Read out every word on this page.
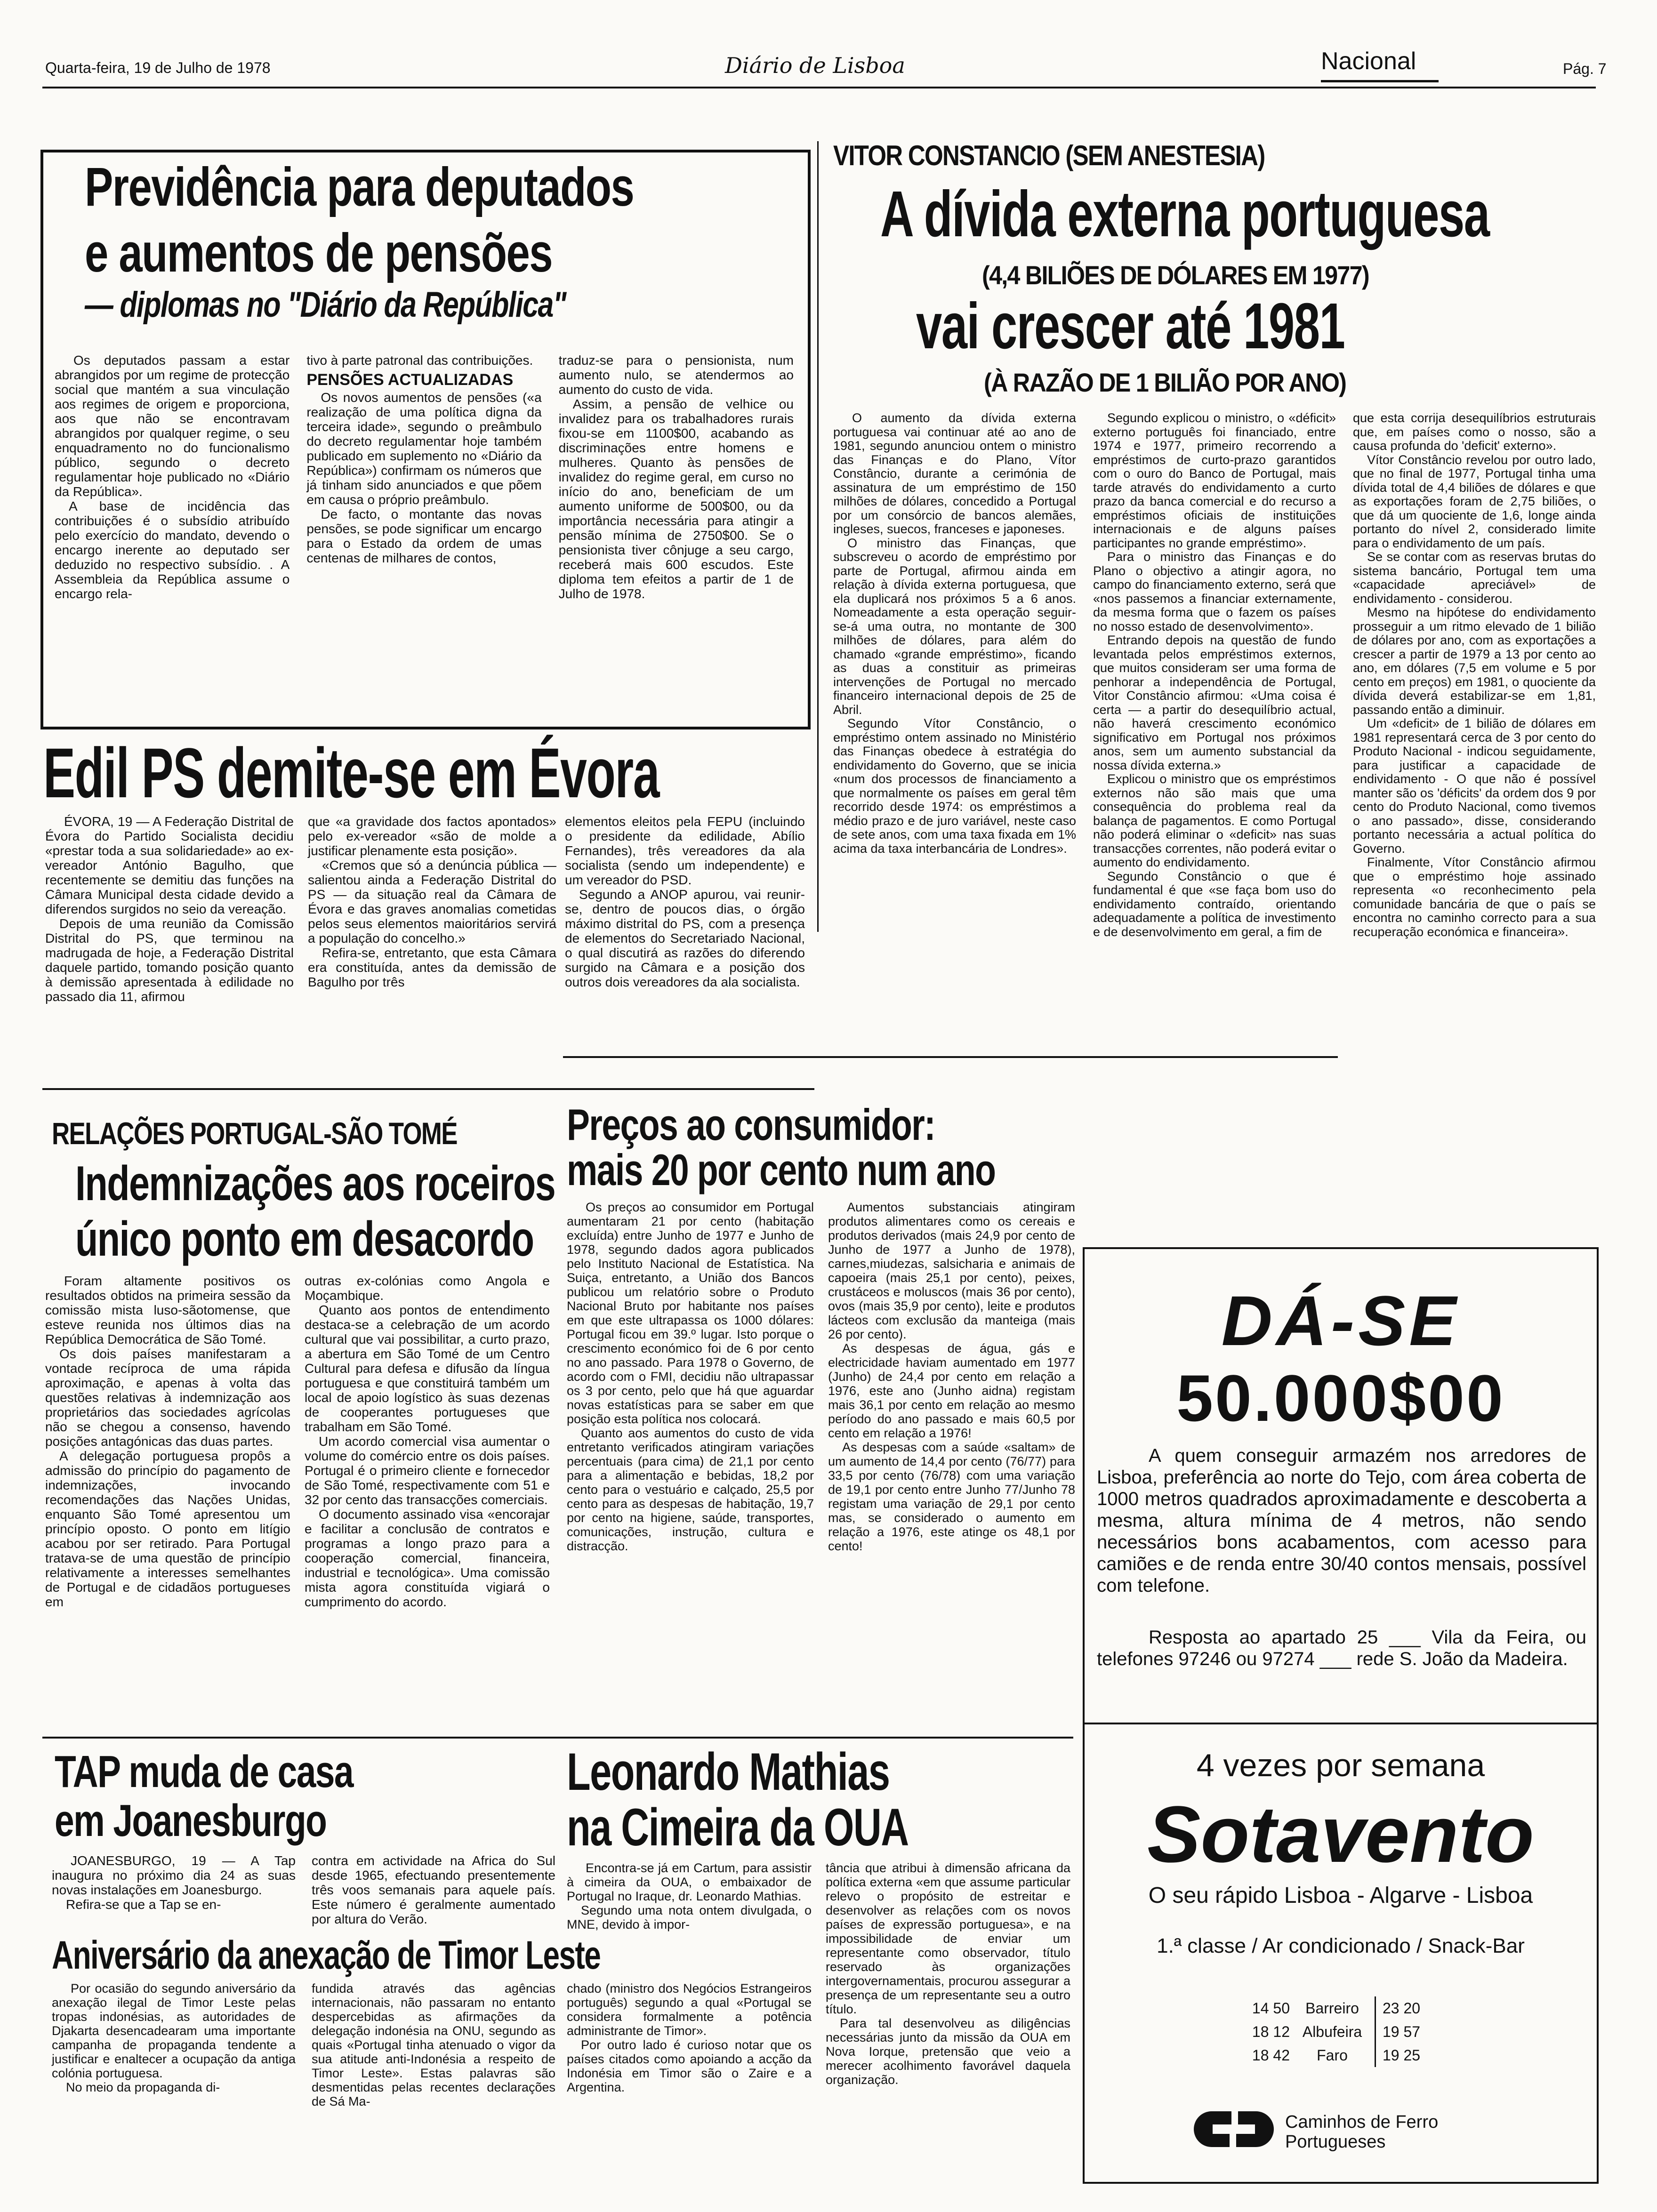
Quarta-feira, 19 de Julho de 1978	Diário de Lisboa	Nacional	Pág. 7
Previdência para deputados
e aumentos de pensões
— diplomas no "Diário da República"

Os deputados passam a estar abrangidos por um regime de protecção social que mantém a sua vinculação aos regimes de origem e proporciona, aos que não se encontravam abrangidos por qualquer regime, o seu enquadramento no do funcionalismo público, segundo o decreto regulamentar hoje publicado no «Diário da República».

A base de incidência das contribuições é o subsídio atribuído pelo exercício do mandato, devendo o encargo inerente ao deputado ser deduzido no respectivo subsídio. . A Assembleia da República assume o encargo rela-

tivo à parte patronal das contribuições.

PENSÕES ACTUALIZADAS

Os novos aumentos de pensões («a realização de uma política digna da terceira idade», segundo o preâmbulo do decreto regulamentar hoje também publicado em suplemento no «Diário da República») confirmam os números que já tinham sido anunciados e que põem em causa o próprio preâmbulo.

De facto, o montante das novas pensões, se pode significar um encargo para o Estado da ordem de umas centenas de milhares de contos,

traduz-se para o pensionista, num aumento nulo, se atendermos ao aumento do custo de vida.

Assim, a pensão de velhice ou invalidez para os trabalhadores rurais fixou-se em 1100$00, acabando as discriminações entre homens e mulheres. Quanto às pensões de invalidez do regime geral, em curso no início do ano, beneficiam de um aumento uniforme de 500$00, ou da importância necessária para atingir a pensão mínima de 2750$00. Se o pensionista tiver cônjuge a seu cargo, receberá mais 600 escudos. Este diploma tem efeitos a partir de 1 de Julho de 1978.

VITOR CONSTANCIO (SEM ANESTESIA)
A dívida externa portuguesa
(4,4 BILIÕES DE DÓLARES EM 1977)
vai crescer até 1981
(À RAZÃO DE 1 BILIÃO POR ANO)

O aumento da dívida externa portuguesa vai continuar até ao ano de 1981, segundo anunciou ontem o ministro das Finanças e do Plano, Vítor Constâncio, durante a cerimónia de assinatura de um empréstimo de 150 milhões de dólares, concedido a Portugal por um consórcio de bancos alemães, ingleses, suecos, franceses e japoneses.

O ministro das Finanças, que subscreveu o acordo de empréstimo por parte de Portugal, afirmou ainda em relação à dívida externa portuguesa, que ela duplicará nos próximos 5 a 6 anos. Nomeadamente a esta operação seguir-se-á uma outra, no montante de 300 milhões de dólares, para além do chamado «grande empréstimo», ficando as duas a constituir as primeiras intervenções de Portugal no mercado financeiro internacional depois de 25 de Abril.

Segundo Vítor Constâncio, o empréstimo ontem assinado no Ministério das Finanças obedece à estratégia do endividamento do Governo, que se inicia «num dos processos de financiamento a que normalmente os países em geral têm recorrido desde 1974: os empréstimos a médio prazo e de juro variável, neste caso de sete anos, com uma taxa fixada em 1% acima da taxa interbancária de Londres».

Segundo explicou o ministro, o «déficit» externo português foi financiado, entre 1974 e 1977, primeiro recorrendo a empréstimos de curto-prazo garantidos com o ouro do Banco de Portugal, mais tarde através do endividamento a curto prazo da banca comercial e do recurso a empréstimos oficiais de instituições internacionais e de alguns países participantes no grande empréstimo».

Para o ministro das Finanças e do Plano o objectivo a atingir agora, no campo do financiamento externo, será que «nos passemos a financiar externamente, da mesma forma que o fazem os países no nosso estado de desenvolvimento».

Entrando depois na questão de fundo levantada pelos empréstimos externos, que muitos consideram ser uma forma de penhorar a independência de Portugal, Vitor Constâncio afirmou: «Uma coisa é certa — a partir do desequilíbrio actual, não haverá crescimento económico significativo em Portugal nos próximos anos, sem um aumento substancial da nossa dívida externa.»

Explicou o ministro que os empréstimos externos não são mais que uma consequência do problema real da balança de pagamentos. E como Portugal não poderá eliminar o «deficit» nas suas transacções correntes, não poderá evitar o aumento do endividamento.

Segundo Constâncio o que é fundamental é que «se faça bom uso do endividamento contraído, orientando adequadamente a política de investimento e de desenvolvimento em geral, a fim de

que esta corrija desequilíbrios estruturais que, em países como o nosso, são a causa profunda do 'deficit' externo».

Vítor Constâncio revelou por outro lado, que no final de 1977, Portugal tinha uma dívida total de 4,4 biliões de dólares e que as exportações foram de 2,75 biliões, o que dá um quociente de 1,6, longe ainda portanto do nível 2, considerado limite para o endividamento de um país.

Se se contar com as reservas brutas do sistema bancário, Portugal tem uma «capacidade apreciável» de endividamento - considerou.

Mesmo na hipótese do endividamento prosseguir a um ritmo elevado de 1 bilião de dólares por ano, com as exportações a crescer a partir de 1979 a 13 por cento ao ano, em dólares (7,5 em volume e 5 por cento em preços) em 1981, o quociente da dívida deverá estabilizar-se em 1,81, passando então a diminuir.

Um «deficit» de 1 bilião de dólares em 1981 representará cerca de 3 por cento do Produto Nacional - indicou seguidamente, para justificar a capacidade de endividamento - O que não é possível manter são os 'déficits' da ordem dos 9 por cento do Produto Nacional, como tivemos o ano passado», disse, considerando portanto necessária a actual política do Governo.

Finalmente, Vítor Constâncio afirmou que o empréstimo hoje assinado representa «o reconhecimento pela comunidade bancária de que o país se encontra no caminho correcto para a sua recuperação económica e financeira».

Edil PS demite-se em Évora

ÉVORA, 19 — A Federação Distrital de Évora do Partido Socialista decidiu «prestar toda a sua solidariedade» ao ex-vereador António Bagulho, que recentemente se demitiu das funções na Câmara Municipal desta cidade devido a diferendos surgidos no seio da vereação.

Depois de uma reunião da Comissão Distrital do PS, que terminou na madrugada de hoje, a Federação Distrital daquele partido, tomando posição quanto à demissão apresentada à edilidade no passado dia 11, afirmou

que «a gravidade dos factos apontados» pelo ex-vereador «são de molde a justificar plenamente esta posição».

«Cremos que só a denúncia pública — salientou ainda a Federação Distrital do PS — da situação real da Câmara de Évora e das graves anomalias cometidas pelos seus elementos maioritários servirá a população do concelho.»

Refira-se, entretanto, que esta Câmara era constituída, antes da demissão de Bagulho por três

elementos eleitos pela FEPU (incluindo o presidente da edilidade, Abílio Fernandes), três vereadores da ala socialista (sendo um independente) e um vereador do PSD.

Segundo a ANOP apurou, vai reunir-se, dentro de poucos dias, o órgão máximo distrital do PS, com a presença de elementos do Secretariado Nacional, o qual discutirá as razões do diferendo surgido na Câmara e a posição dos outros dois vereadores da ala socialista.

RELAÇÕES PORTUGAL-SÃO TOMÉ
Indemnizações aos roceiros
único ponto em desacordo

Foram altamente positivos os resultados obtidos na primeira sessão da comissão mista luso-sãotomense, que esteve reunida nos últimos dias na República Democrática de São Tomé.

Os dois países manifestaram a vontade recíproca de uma rápida aproximação, e apenas à volta das questões relativas à indemnização aos proprietários das sociedades agrícolas não se chegou a consenso, havendo posições antagónicas das duas partes.

A delegação portuguesa propôs a admissão do princípio do pagamento de indemnizações, invocando recomendações das Nações Unidas, enquanto São Tomé apresentou um princípio oposto. O ponto em litígio acabou por ser retirado. Para Portugal tratava-se de uma questão de princípio relativamente a interesses semelhantes de Portugal e de cidadãos portugueses em

outras ex-colónias como Angola e Moçambique.

Quanto aos pontos de entendimento destaca-se a celebração de um acordo cultural que vai possibilitar, a curto prazo, a abertura em São Tomé de um Centro Cultural para defesa e difusão da língua portuguesa e que constituirá também um local de apoio logístico às suas dezenas de cooperantes portugueses que trabalham em São Tomé.

Um acordo comercial visa aumentar o volume do comércio entre os dois países. Portugal é o primeiro cliente e fornecedor de São Tomé, respectivamente com 51 e 32 por cento das transacções comerciais.

O documento assinado visa «encorajar e facilitar a conclusão de contratos e programas a longo prazo para a cooperação comercial, financeira, industrial e tecnológica». Uma comissão mista agora constituída vigiará o cumprimento do acordo.

Preços ao consumidor:
mais 20 por cento num ano

Os preços ao consumidor em Portugal aumentaram 21 por cento (habitação excluída) entre Junho de 1977 e Junho de 1978, segundo dados agora publicados pelo Instituto Nacional de Estatística. Na Suiça, entretanto, a União dos Bancos publicou um relatório sobre o Produto Nacional Bruto por habitante nos países em que este ultrapassa os 1000 dólares: Portugal ficou em 39.º lugar. Isto porque o crescimento económico foi de 6 por cento no ano passado. Para 1978 o Governo, de acordo com o FMI, decidiu não ultrapassar os 3 por cento, pelo que há que aguardar novas estatísticas para se saber em que posição esta política nos colocará.

Quanto aos aumentos do custo de vida entretanto verificados atingiram variações percentuais (para cima) de 21,1 por cento para a alimentação e bebidas, 18,2 por cento para o vestuário e calçado, 25,5 por cento para as despesas de habitação, 19,7 por cento na higiene, saúde, transportes, comunicações, instrução, cultura e distracção.

Aumentos substanciais atingiram produtos alimentares como os cereais e produtos derivados (mais 24,9 por cento de Junho de 1977 a Junho de 1978), carnes,miudezas, salsicharia e animais de capoeira (mais 25,1 por cento), peixes, crustáceos e moluscos (mais 36 por cento), ovos (mais 35,9 por cento), leite e produtos lácteos com exclusão da manteiga (mais 26 por cento).

As despesas de água, gás e electricidade haviam aumentado em 1977 (Junho) de 24,4 por cento em relação a 1976, este ano (Junho aidna) registam mais 36,1 por cento em relação ao mesmo período do ano passado e mais 60,5 por cento em relação a 1976!

As despesas com a saúde «saltam» de um aumento de 14,4 por cento (76/77) para 33,5 por cento (76/78) com uma variação de 19,1 por cento entre Junho 77/Junho 78 registam uma variação de 29,1 por cento mas, se considerado o aumento em relação a 1976, este atinge os 48,1 por cento!

DÁ-SE
50.000$00
A quem conseguir armazém nos arredores de Lisboa, preferência ao norte do Tejo, com área coberta de 1000 metros quadrados aproximadamente e descoberta a mesma, altura mínima de 4 metros, não sendo necessários bons acabamentos, com acesso para camiões e de renda entre 30/40 contos mensais, possível com telefone.
Resposta ao apartado 25 ___ Vila da Feira, ou telefones 97246 ou 97274 ___ rede S. João da Madeira.
4 vezes por semana
Sotavento
O seu rápido Lisboa - Algarve - Lisboa
1.ª classe / Ar condicionado / Snack-Bar
14 50	Barreiro	23 20
18 12 Albufeira	19 57
18 42	Faro	19 25
Caminhos de Ferro
Portugueses
TAP muda de casa
em Joanesburgo

JOANESBURGO, 19 — A Tap inaugura no próximo dia 24 as suas novas instalações em Joanesburgo.

Refira-se que a Tap se en-

contra em actividade na Africa do Sul desde 1965, efectuando presentemente três voos semanais para aquele país. Este número é geralmente aumentado por altura do Verão.

Leonardo Mathias
na Cimeira da OUA

Encontra-se já em Cartum, para assistir à cimeira da OUA, o embaixador de Portugal no Iraque, dr. Leonardo Mathias.

Segundo uma nota ontem divulgada, o MNE, devido à impor-

tância que atribui à dimensão africana da política externa «em que assume particular relevo o propósito de estreitar e desenvolver as relações com os novos países de expressão portuguesa», e na impossibilidade de enviar um representante como observador, título reservado às organizações intergovernamentais, procurou assegurar a presença de um representante seu a outro título.

Para tal desenvolveu as diligências necessárias junto da missão da OUA em Nova Iorque, pretensão que veio a merecer acolhimento favorável daquela organização.

Aniversário da anexação de Timor Leste

Por ocasião do segundo aniversário da anexação ilegal de Timor Leste pelas tropas indonésias, as autoridades de Djakarta desencadearam uma importante campanha de propaganda tendente a justificar e enaltecer a ocupação da antiga colónia portuguesa.

No meio da propaganda di-

fundida através das agências internacionais, não passaram no entanto despercebidas as afirmações da delegação indonésia na ONU, segundo as quais «Portugal tinha atenuado o vigor da sua atitude anti-Indonésia a respeito de Timor Leste». Estas palavras são desmentidas pelas recentes declarações de Sá Ma-

chado (ministro dos Negócios Estrangeiros português) segundo a qual «Portugal se considera formalmente a potência administrante de Timor».

Por outro lado é curioso notar que os países citados como apoiando a acção da Indonésia em Timor são o Zaire e a Argentina.
